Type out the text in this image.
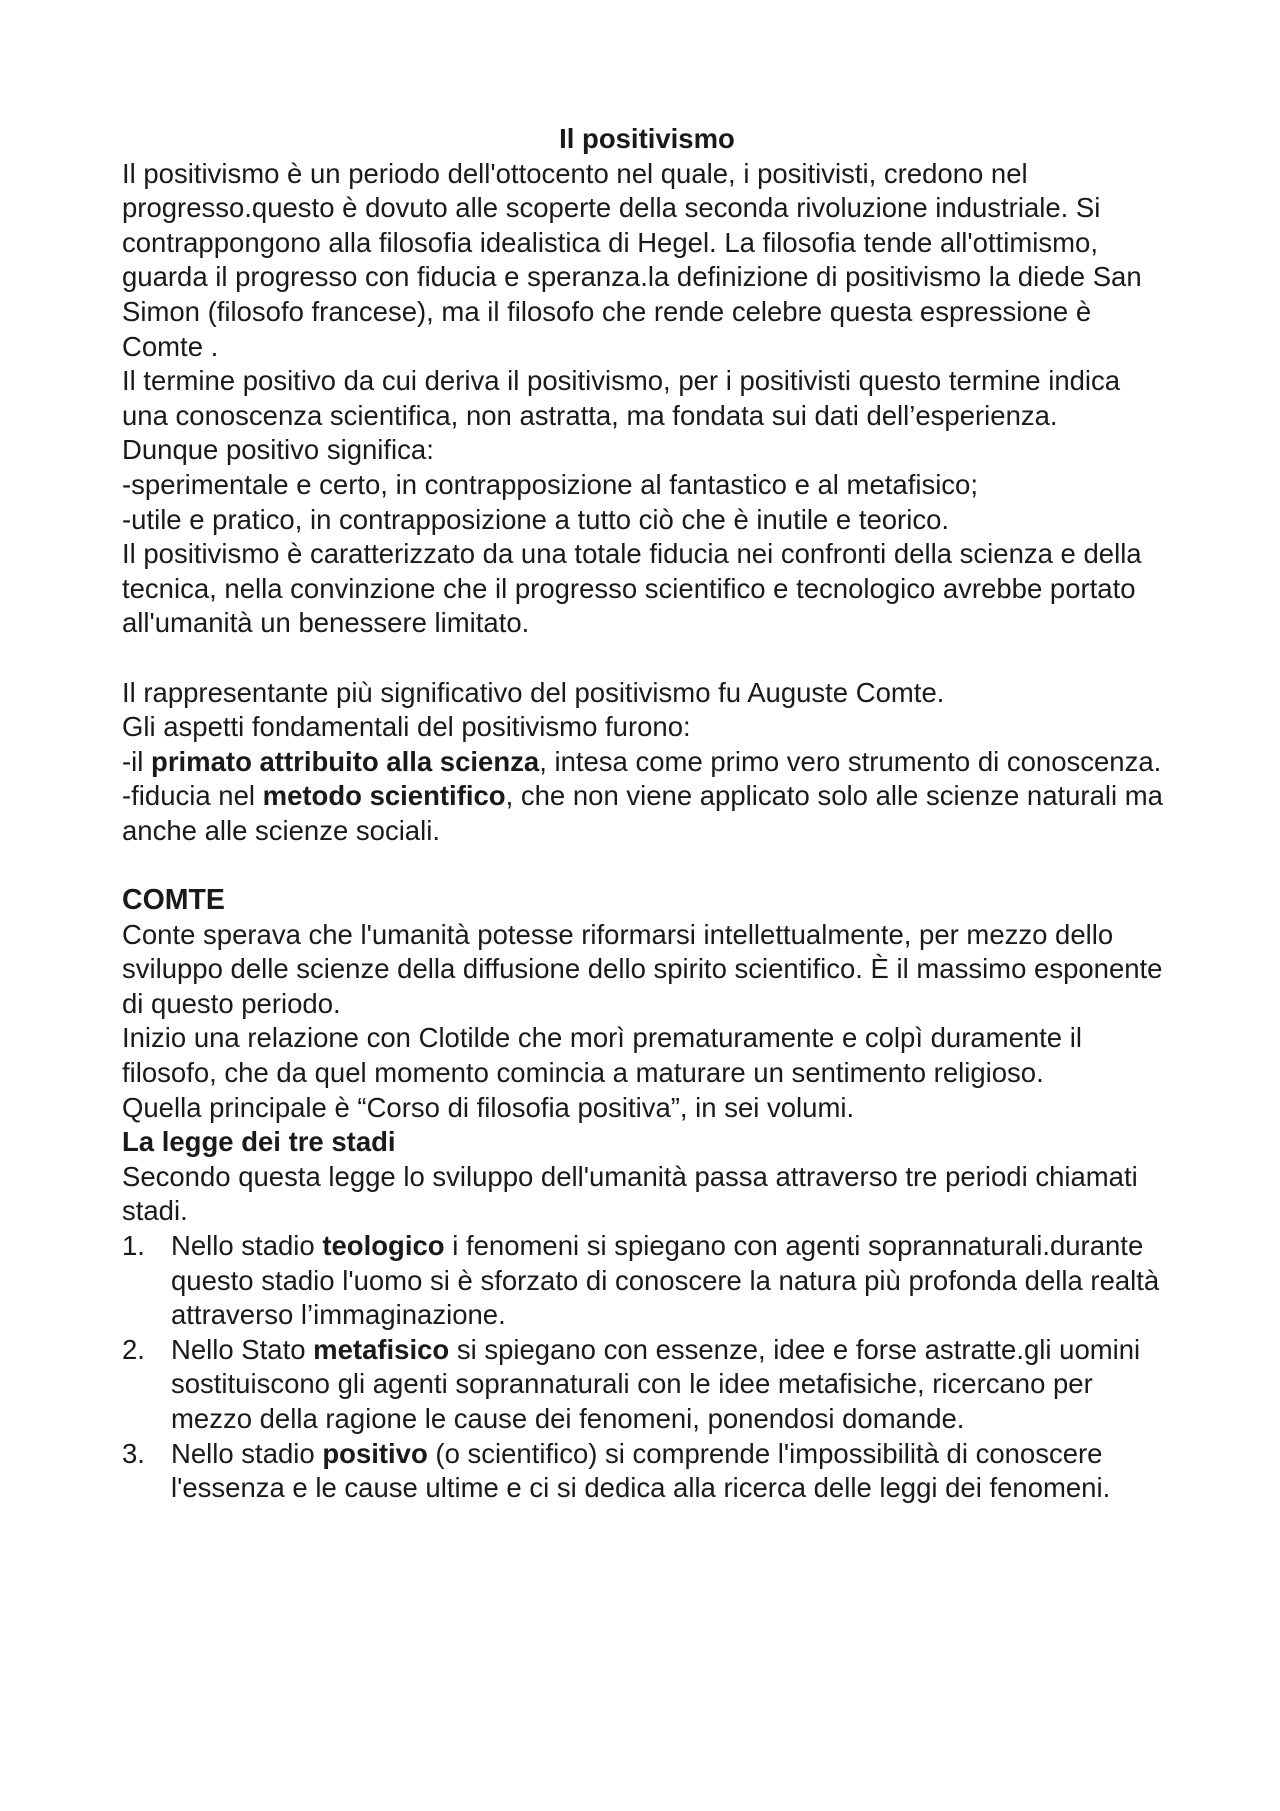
Il positivismo

Il positivismo è un periodo dell'ottocento nel quale, i positivisti, credono nel progresso.questo è dovuto alle scoperte della seconda rivoluzione industriale. Si contrappongono alla filosofia idealistica di Hegel. La filosofia tende all'ottimismo, guarda il progresso con fiducia e speranza.la definizione di positivismo la diede San Simon (filosofo francese), ma il filosofo che rende celebre questa espressione è Comte .

Il termine positivo da cui deriva il positivismo, per i positivisti questo termine indica una conoscenza scientifica, non astratta, ma fondata sui dati dell’esperienza.

Dunque positivo significa:

-sperimentale e certo, in contrapposizione al fantastico e al metafisico;

-utile e pratico, in contrapposizione a tutto ciò che è inutile e teorico.

Il positivismo è caratterizzato da una totale fiducia nei confronti della scienza e della tecnica, nella convinzione che il progresso scientifico e tecnologico avrebbe portato all'umanità un benessere limitato.

Il rappresentante più significativo del positivismo fu Auguste Comte.

Gli aspetti fondamentali del positivismo furono:

-il primato attribuito alla scienza, intesa come primo vero strumento di conoscenza.

-fiducia nel metodo scientifico, che non viene applicato solo alle scienze naturali ma anche alle scienze sociali.

COMTE

Conte sperava che l'umanità potesse riformarsi intellettualmente, per mezzo dello sviluppo delle scienze della diffusione dello spirito scientifico. È il massimo esponente di questo periodo.

Inizio una relazione con Clotilde che morì prematuramente e colpì duramente il filosofo, che da quel momento comincia a maturare un sentimento religioso.

Quella principale è “Corso di filosofia positiva”, in sei volumi.

La legge dei tre stadi

Secondo questa legge lo sviluppo dell'umanità passa attraverso tre periodi chiamati stadi.

1. Nello stadio teologico i fenomeni si spiegano con agenti soprannaturali.durante questo stadio l'uomo si è sforzato di conoscere la natura più profonda della realtà attraverso l’immaginazione.
2. Nello Stato metafisico si spiegano con essenze, idee e forse astratte.gli uomini sostituiscono gli agenti soprannaturali con le idee metafisiche, ricercano per mezzo della ragione le cause dei fenomeni, ponendosi domande.
3. Nello stadio positivo (o scientifico) si comprende l'impossibilità di conoscere l'essenza e le cause ultime e ci si dedica alla ricerca delle leggi dei fenomeni.
